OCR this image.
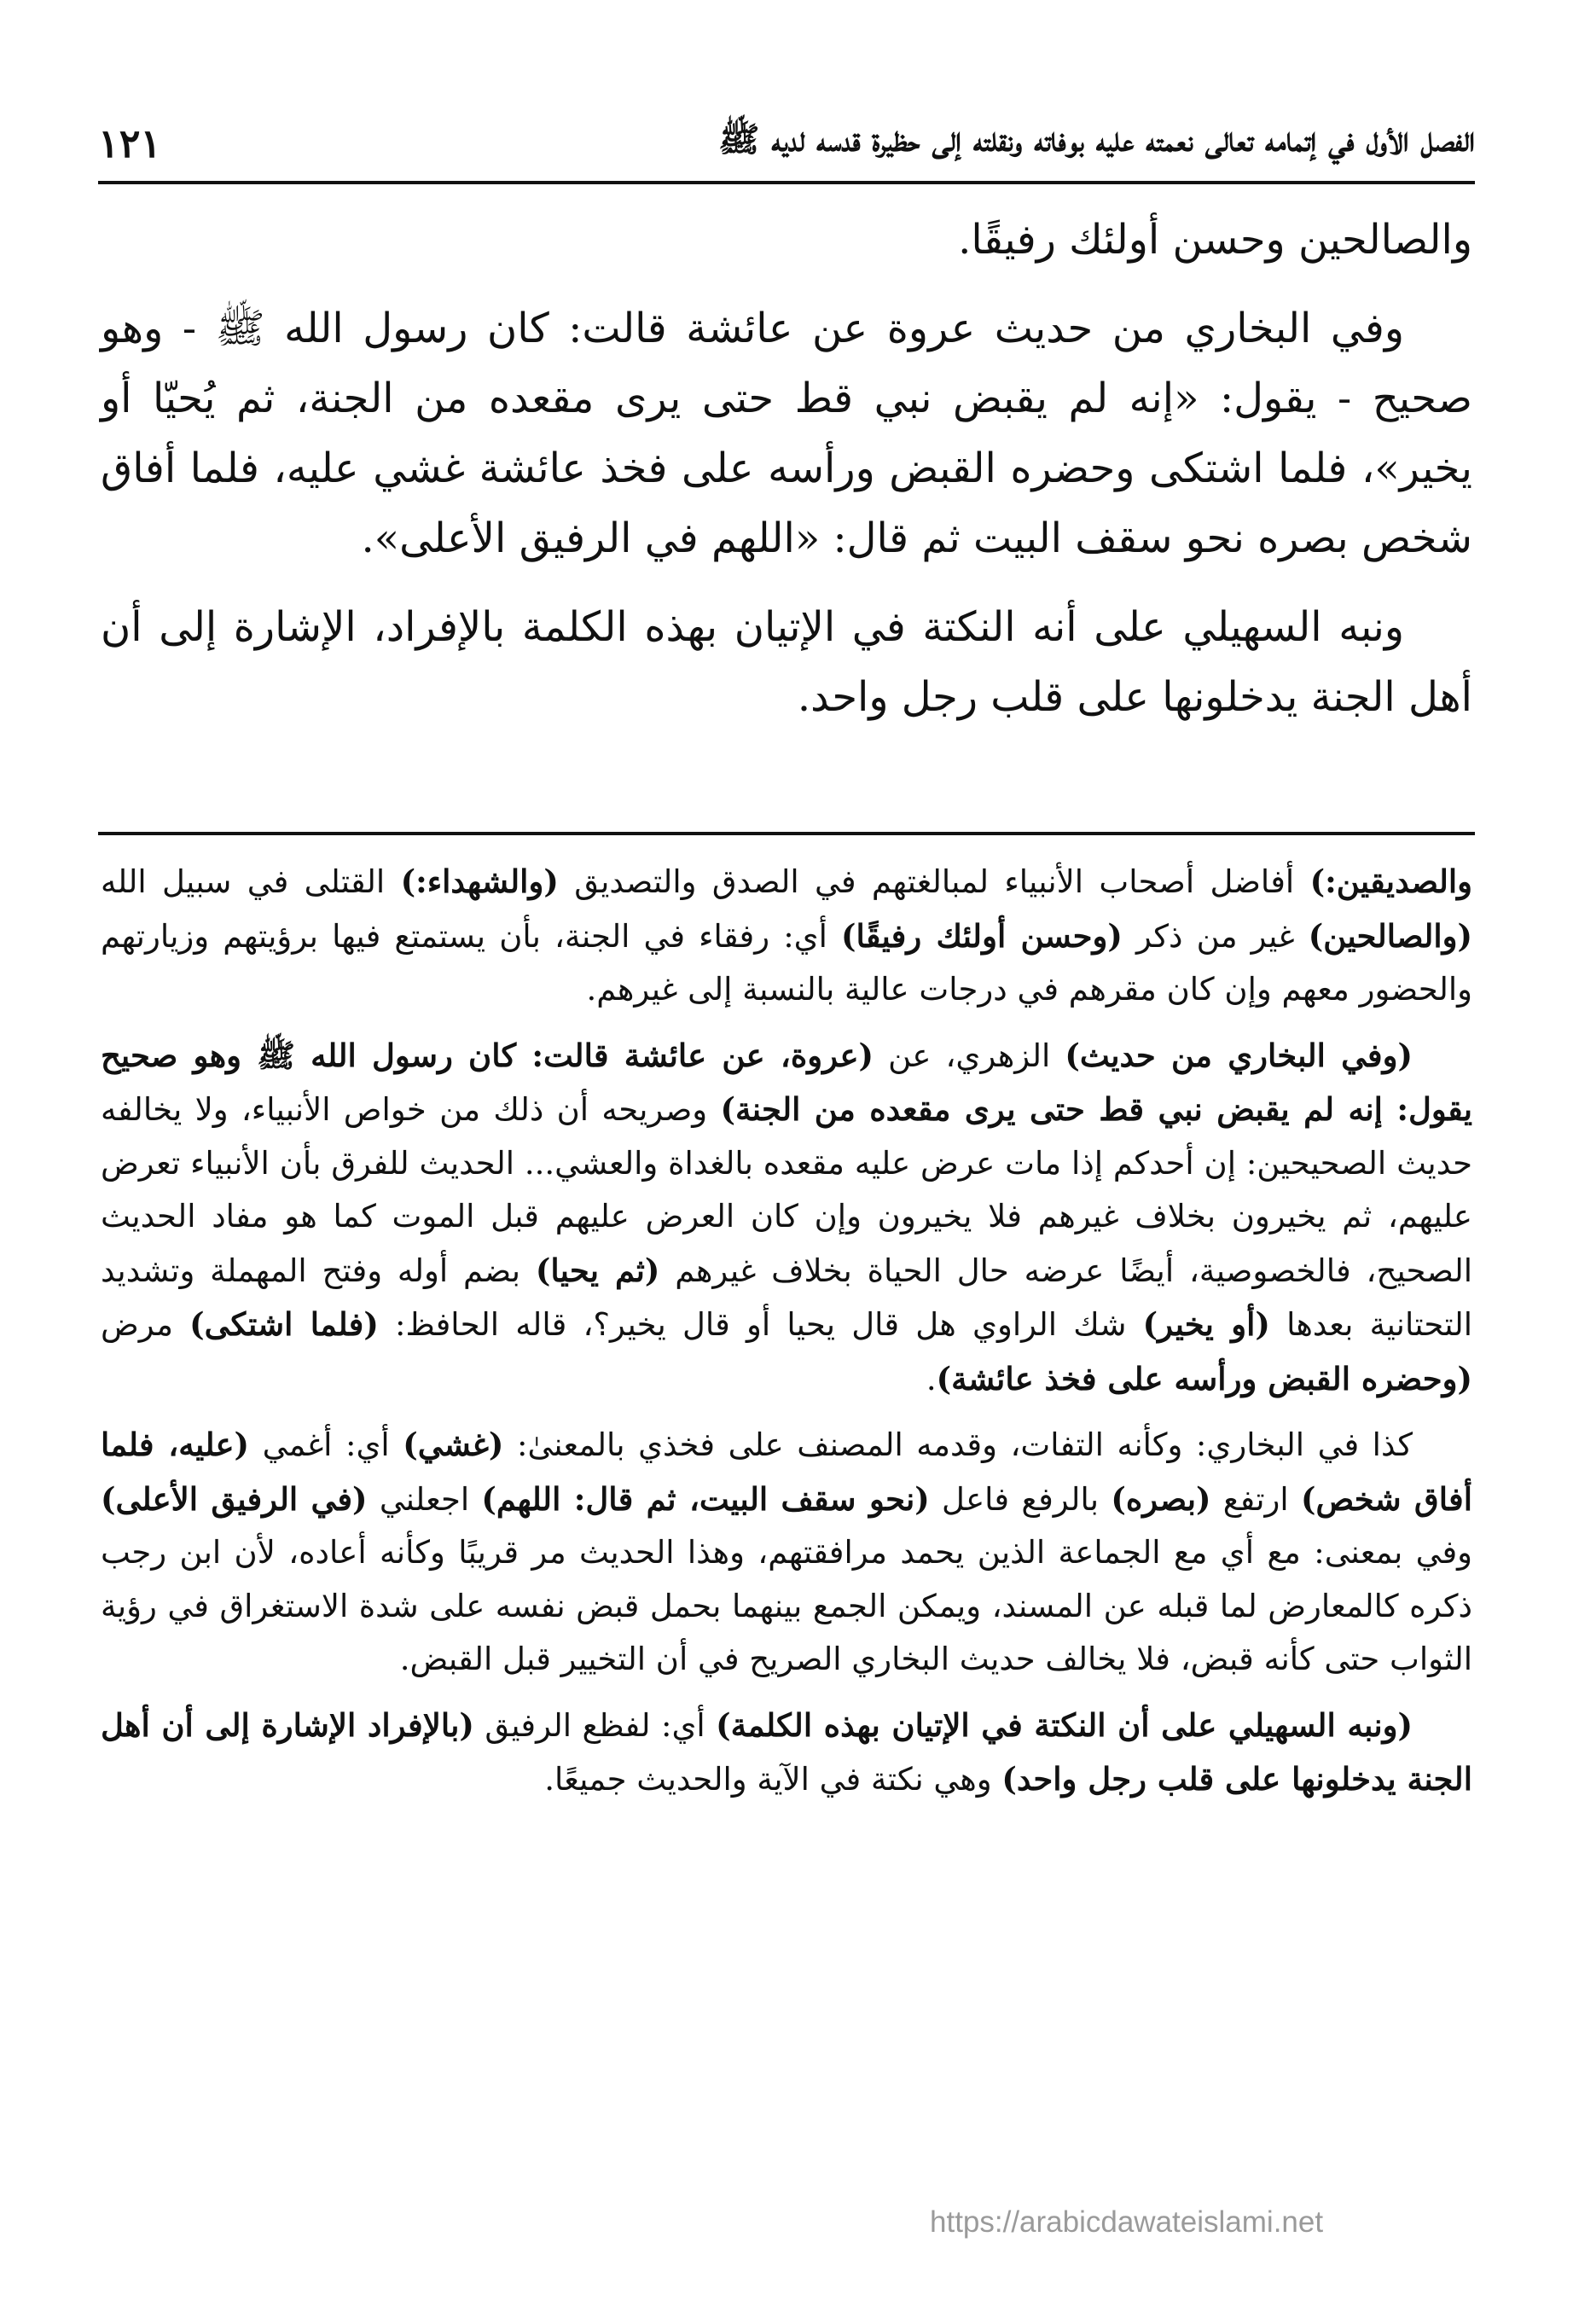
الفصل الأول في إتمامه تعالى نعمته عليه بوفاته ونقلته إلى حظيرة قدسه لديه ﷺ
١٢١

والصالحين وحسن أولئك رفيقًا.

وفي البخاري من حديث عروة عن عائشة قالت: كان رسول الله ﷺ - وهو صحيح - يقول: «إنه لم يقبض نبي قط حتى يرى مقعده من الجنة، ثم يُحيّا أو يخير»، فلما اشتكى وحضره القبض ورأسه على فخذ عائشة غشي عليه، فلما أفاق شخص بصره نحو سقف البيت ثم قال: «اللهم في الرفيق الأعلى».

ونبه السهيلي على أنه النكتة في الإتيان بهذه الكلمة بالإفراد، الإشارة إلى أن أهل الجنة يدخلونها على قلب رجل واحد.

والصديقين:) أفاضل أصحاب الأنبياء لمبالغتهم في الصدق والتصديق (والشهداء:) القتلى في سبيل الله (والصالحين) غير من ذكر (وحسن أولئك رفيقًا) أي: رفقاء في الجنة، بأن يستمتع فيها برؤيتهم وزيارتهم والحضور معهم وإن كان مقرهم في درجات عالية بالنسبة إلى غيرهم.

(وفي البخاري من حديث) الزهري، عن (عروة، عن عائشة قالت: كان رسول الله ﷺ وهو صحيح يقول: إنه لم يقبض نبي قط حتى يرى مقعده من الجنة) وصريحه أن ذلك من خواص الأنبياء، ولا يخالفه حديث الصحيحين: إن أحدكم إذا مات عرض عليه مقعده بالغداة والعشي... الحديث للفرق بأن الأنبياء تعرض عليهم، ثم يخيرون بخلاف غيرهم فلا يخيرون وإن كان العرض عليهم قبل الموت كما هو مفاد الحديث الصحيح، فالخصوصية، أيضًا عرضه حال الحياة بخلاف غيرهم (ثم يحيا) بضم أوله وفتح المهملة وتشديد التحتانية بعدها (أو يخير) شك الراوي هل قال يحيا أو قال يخير؟، قاله الحافظ: (فلما اشتكى) مرض (وحضره القبض ورأسه على فخذ عائشة).

كذا في البخاري: وكأنه التفات، وقدمه المصنف على فخذي بالمعنىٰ: (غشي) أي: أغمي (عليه، فلما أفاق شخص) ارتفع (بصره) بالرفع فاعل (نحو سقف البيت، ثم قال: اللهم) اجعلني (في الرفيق الأعلى) وفي بمعنى: مع أي مع الجماعة الذين يحمد مرافقتهم، وهذا الحديث مر قريبًا وكأنه أعاده، لأن ابن رجب ذكره كالمعارض لما قبله عن المسند، ويمكن الجمع بينهما بحمل قبض نفسه على شدة الاستغراق في رؤية الثواب حتى كأنه قبض، فلا يخالف حديث البخاري الصريح في أن التخيير قبل القبض.

(ونبه السهيلي على أن النكتة في الإتيان بهذه الكلمة) أي: لفظع الرفيق (بالإفراد الإشارة إلى أن أهل الجنة يدخلونها على قلب رجل واحد) وهي نكتة في الآية والحديث جميعًا.

https://arabicdawateislami.net
